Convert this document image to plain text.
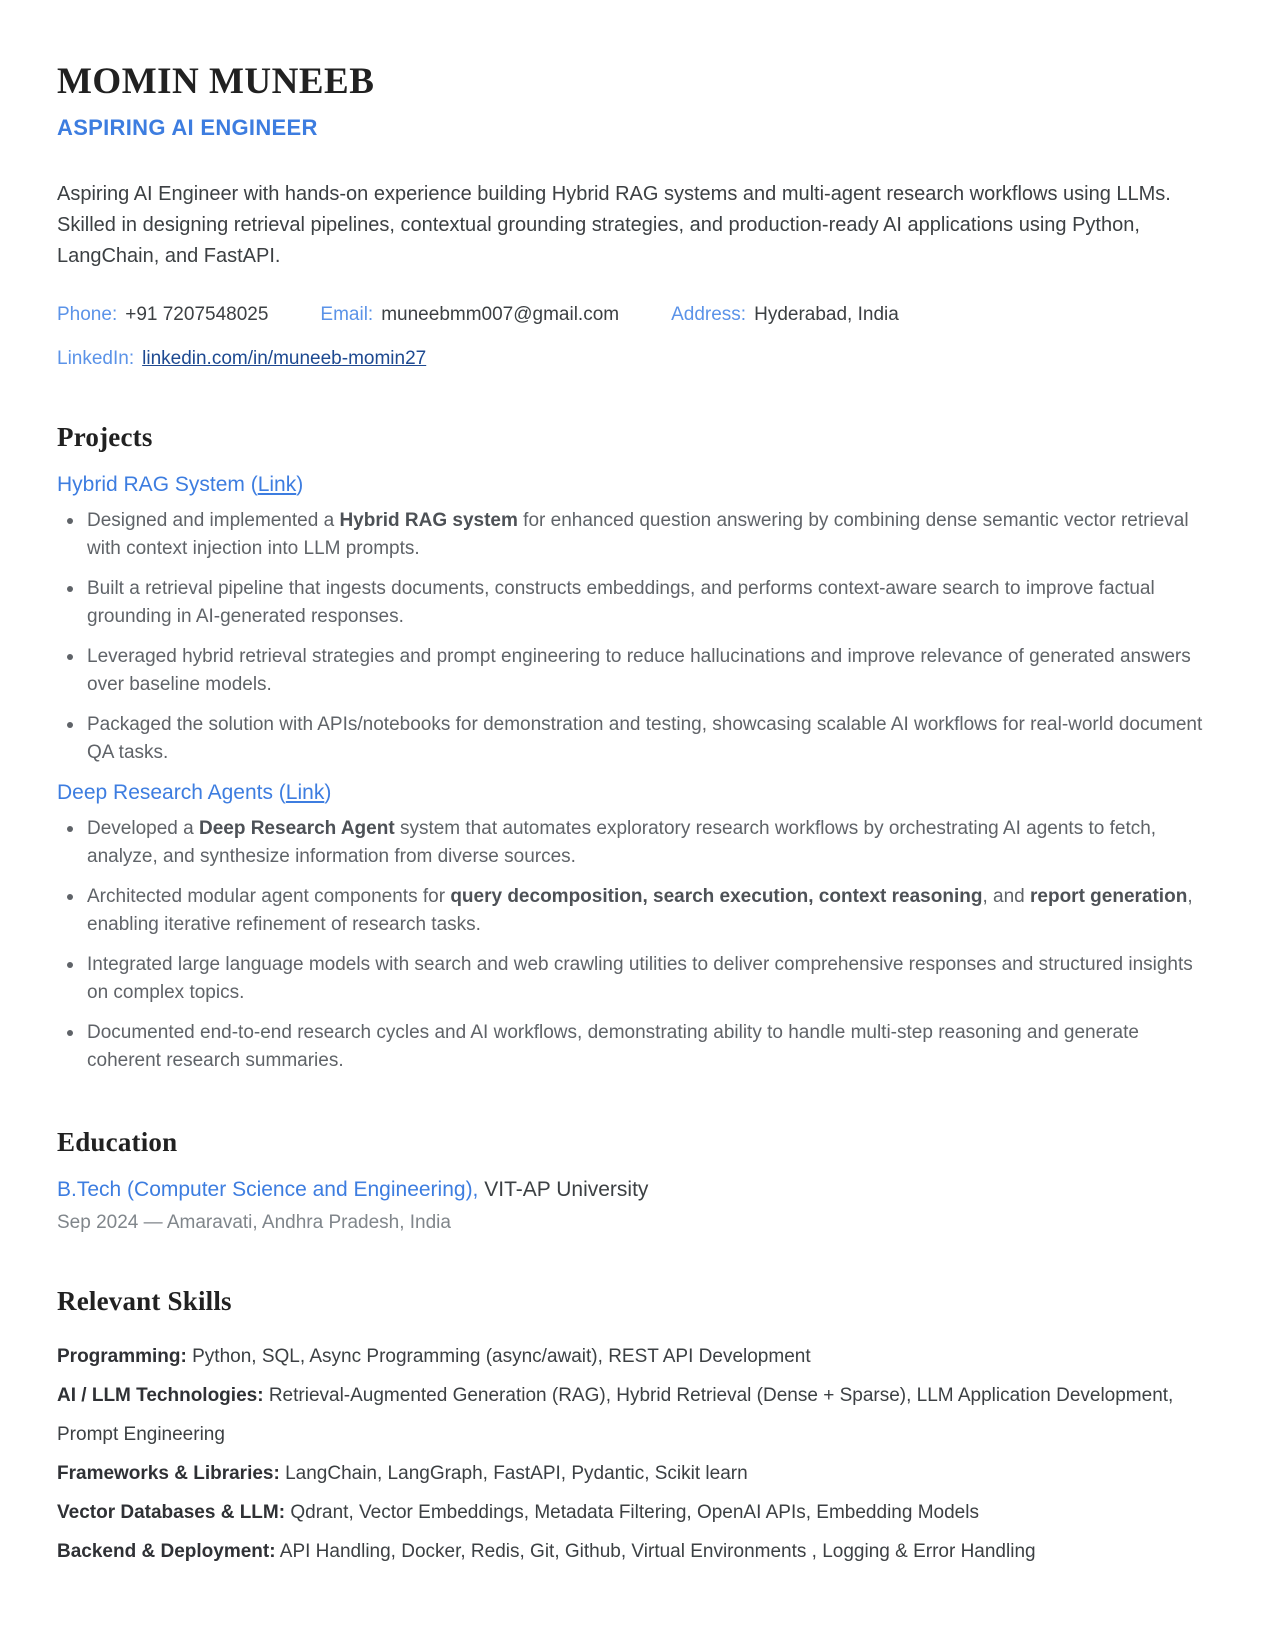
MOMIN MUNEEB
ASPIRING AI ENGINEER

Aspiring AI Engineer with hands-on experience building Hybrid RAG systems and multi-agent research workflows using LLMs. Skilled in designing retrieval pipelines, contextual grounding strategies, and production-ready AI applications using Python, LangChain, and FastAPI.

Phone: +91 7207548025	Email: muneebmm007@gmail.com	Address: Hyderabad, India
LinkedIn: linkedin.com/in/muneeb-momin27
Projects
Hybrid RAG System (Link)
Designed and implemented a Hybrid RAG system for enhanced question answering by combining dense semantic vector retrieval with context injection into LLM prompts.
Built a retrieval pipeline that ingests documents, constructs embeddings, and performs context-aware search to improve factual grounding in AI-generated responses.
Leveraged hybrid retrieval strategies and prompt engineering to reduce hallucinations and improve relevance of generated answers over baseline models.
Packaged the solution with APIs/notebooks for demonstration and testing, showcasing scalable AI workflows for real-world document QA tasks.
Deep Research Agents (Link)
Developed a Deep Research Agent system that automates exploratory research workflows by orchestrating AI agents to fetch, analyze, and synthesize information from diverse sources.
Architected modular agent components for query decomposition, search execution, context reasoning, and report generation, enabling iterative refinement of research tasks.
Integrated large language models with search and web crawling utilities to deliver comprehensive responses and structured insights on complex topics.
Documented end-to-end research cycles and AI workflows, demonstrating ability to handle multi-step reasoning and generate coherent research summaries.
Education
B.Tech (Computer Science and Engineering), VIT-AP University
Sep 2024 — Amaravati, Andhra Pradesh, India
Relevant Skills

Programming: Python, SQL, Async Programming (async/await), REST API Development

AI / LLM Technologies: Retrieval-Augmented Generation (RAG), Hybrid Retrieval (Dense + Sparse), LLM Application Development, Prompt Engineering

Frameworks & Libraries: LangChain, LangGraph, FastAPI, Pydantic, Scikit learn

Vector Databases & LLM: Qdrant, Vector Embeddings, Metadata Filtering, OpenAI APIs, Embedding Models

Backend & Deployment: API Handling, Docker, Redis, Git, Github, Virtual Environments , Logging & Error Handling
